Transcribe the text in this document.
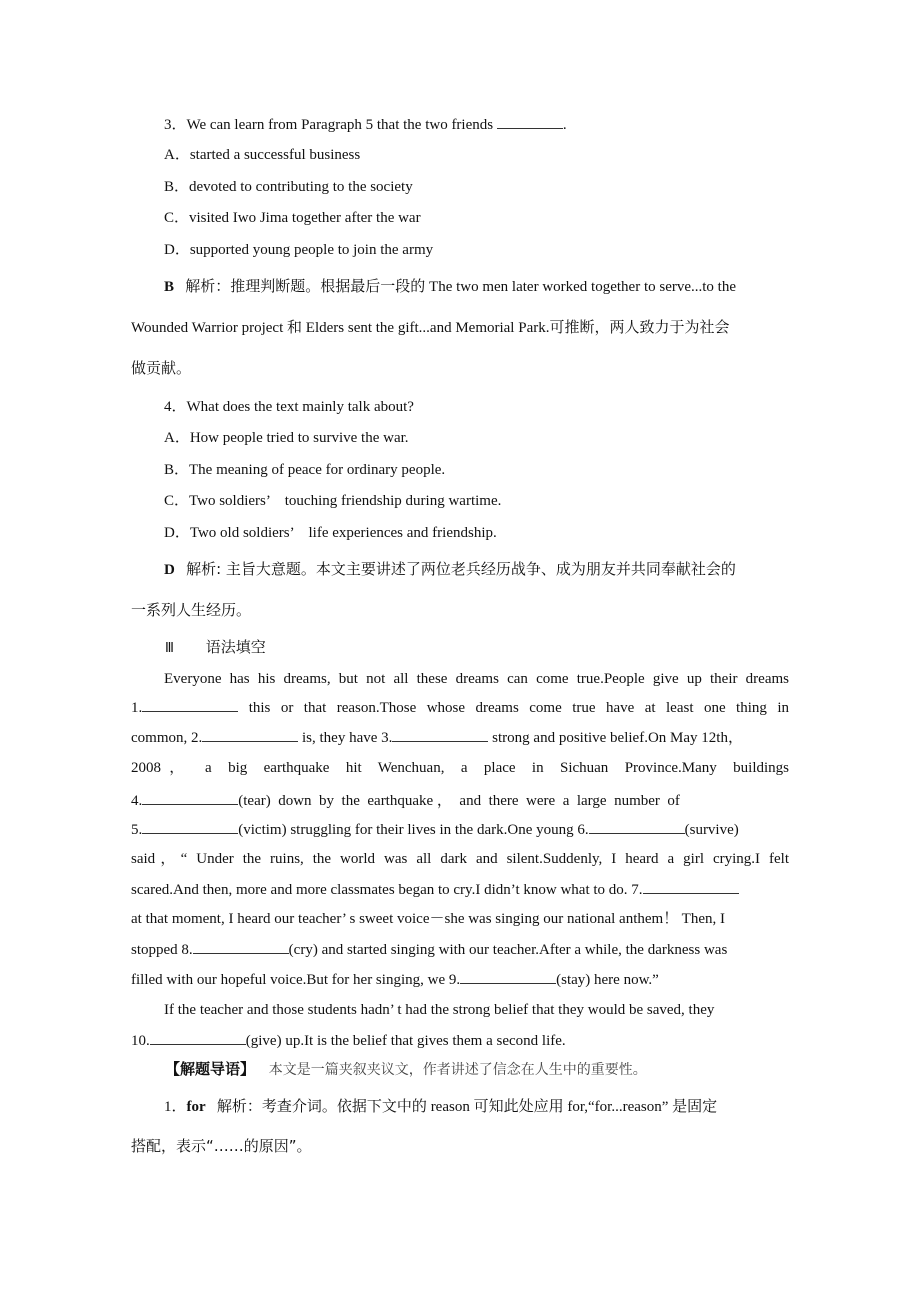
3．We can learn from Paragraph 5 that the two friends	.
A．started a successful business
B．devoted to contributing to the society
C．visited Iwo Jima together after the war
D．supported young people to join the army
B 解析：推理判断题。根据最后一段的 The two men later worked together to serve...to the
Wounded Warrior project 和 Elders sent the gift...and Memorial Park.可推断，两人致力于为社会
做贡献。
4．What does the text mainly talk about?
A．How people tried to survive the war.
B．The meaning of peace for ordinary people.
C．Two soldiers’　touching friendship during wartime.
D．Two old soldiers’　life experiences and friendship.
D 解析: 主旨大意题。本文主要讲述了两位老兵经历战争、成为朋友并共同奉献社会的
一系列人生经历。
Ⅲ 语法填空
Everyone has his dreams, but not all these dreams can come true.People give up their dreams
1.	this or that reason.Those whose dreams come true have at least one thing in
common, 2.	is, they have 3.	strong and positive belief.On May 12th，
2008 ，  a  big  earthquake  hit  Wenchuan,  a  place  in  Sichuan  Province.Many  buildings
4.	(tear)  down  by  the  earthquake ，  and  there  were  a  large  number  of
5.	(victim) struggling for their lives in the dark.One young 6.	(survive)
said，“ Under the ruins, the world was all dark and silent.Suddenly, I heard a girl crying.I felt
scared.And then, more and more classmates began to cry.I didn’t know what to do. 7.
at that moment, I heard our teacher’ s sweet voice－she was singing our national anthem！ Then, I
stopped 8.	(cry) and started singing with our teacher.After a while, the darkness was
filled with our hopeful voice.But for her singing, we 9.	(stay) here now.”
If the teacher and those students hadn’ t had the strong belief that they would be saved, they
10.	(give) up.It is the belief that gives them a second life.
【解题导语】 本文是一篇夹叙夹议文，作者讲述了信念在人生中的重要性。
1．for 解析：考查介词。依据下文中的 reason 可知此处应用 for,“for...reason” 是固定
搭配，表示“……的原因”。
